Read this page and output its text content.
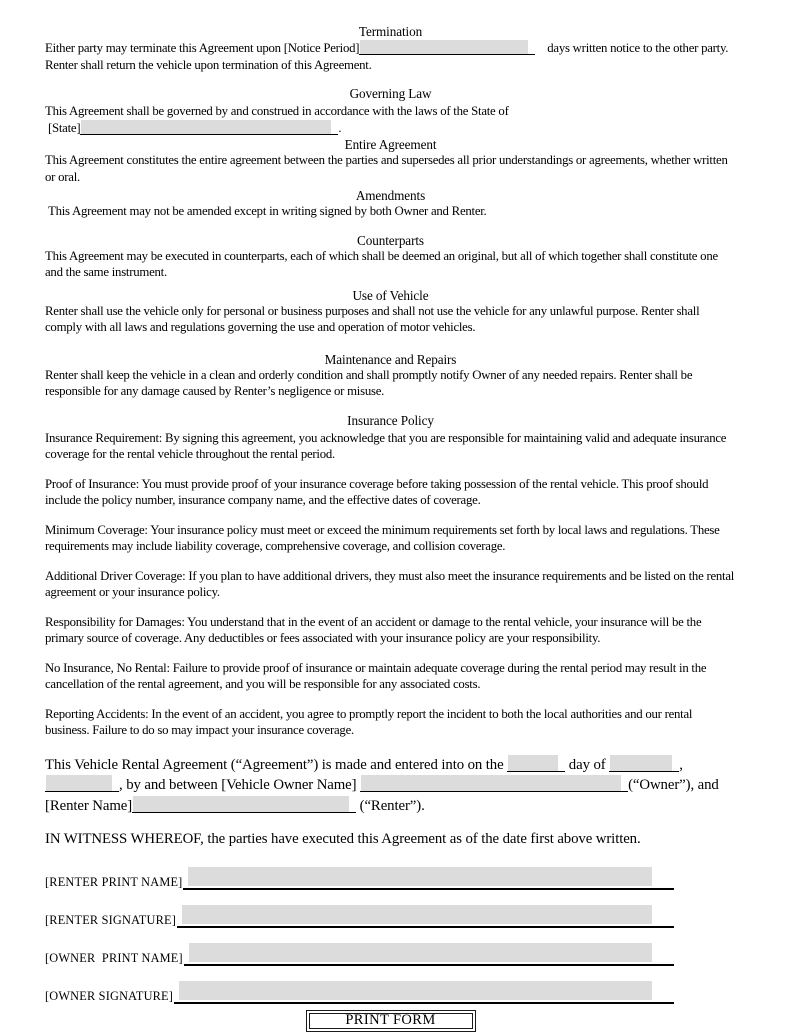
Termination

Either party may terminate this Agreement upon [Notice Period]	days written notice to the other party. Renter shall return the vehicle upon termination of this Agreement.

Governing Law

This Agreement shall be governed by and construed in accordance with the laws of the State of

[State]	.

Entire Agreement

This Agreement constitutes the entire agreement between the parties and supersedes all prior understandings or agreements, whether written or oral.

Amendments

This Agreement may not be amended except in writing signed by both Owner and Renter.

Counterparts

This Agreement may be executed in counterparts, each of which shall be deemed an original, but all of which together shall constitute one and the same instrument.

Use of Vehicle

Renter shall use the vehicle only for personal or business purposes and shall not use the vehicle for any unlawful purpose. Renter shall comply with all laws and regulations governing the use and operation of motor vehicles.

Maintenance and Repairs

Renter shall keep the vehicle in a clean and orderly condition and shall promptly notify Owner of any needed repairs. Renter shall be responsible for any damage caused by Renter’s negligence or misuse.

Insurance Policy

Insurance Requirement: By signing this agreement, you acknowledge that you are responsible for maintaining valid and adequate insurance coverage for the rental vehicle throughout the rental period.

Proof of Insurance: You must provide proof of your insurance coverage before taking possession of the rental vehicle. This proof should include the policy number, insurance company name, and the effective dates of coverage.

Minimum Coverage: Your insurance policy must meet or exceed the minimum requirements set forth by local laws and regulations. These requirements may include liability coverage, comprehensive coverage, and collision coverage.

Additional Driver Coverage: If you plan to have additional drivers, they must also meet the insurance requirements and be listed on the rental agreement or your insurance policy.

Responsibility for Damages: You understand that in the event of an accident or damage to the rental vehicle, your insurance will be the primary source of coverage. Any deductibles or fees associated with your insurance policy are your responsibility.

No Insurance, No Rental: Failure to provide proof of insurance or maintain adequate coverage during the rental period may result in the cancellation of the rental agreement, and you will be responsible for any associated costs.

Reporting Accidents: In the event of an accident, you agree to promptly report the incident to both the local authorities and our rental business. Failure to do so may impact your insurance coverage.

This Vehicle Rental Agreement (“Agreement”) is made and entered into on the	day of	,
, by and between [Vehicle Owner Name]	(“Owner”), and
[Renter Name]	(“Renter”).

IN WITNESS WHEREOF, the parties have executed this Agreement as of the date first above written.

[RENTER PRINT NAME]
[RENTER SIGNATURE]
[OWNER  PRINT NAME]
[OWNER SIGNATURE]
PRINT FORM
